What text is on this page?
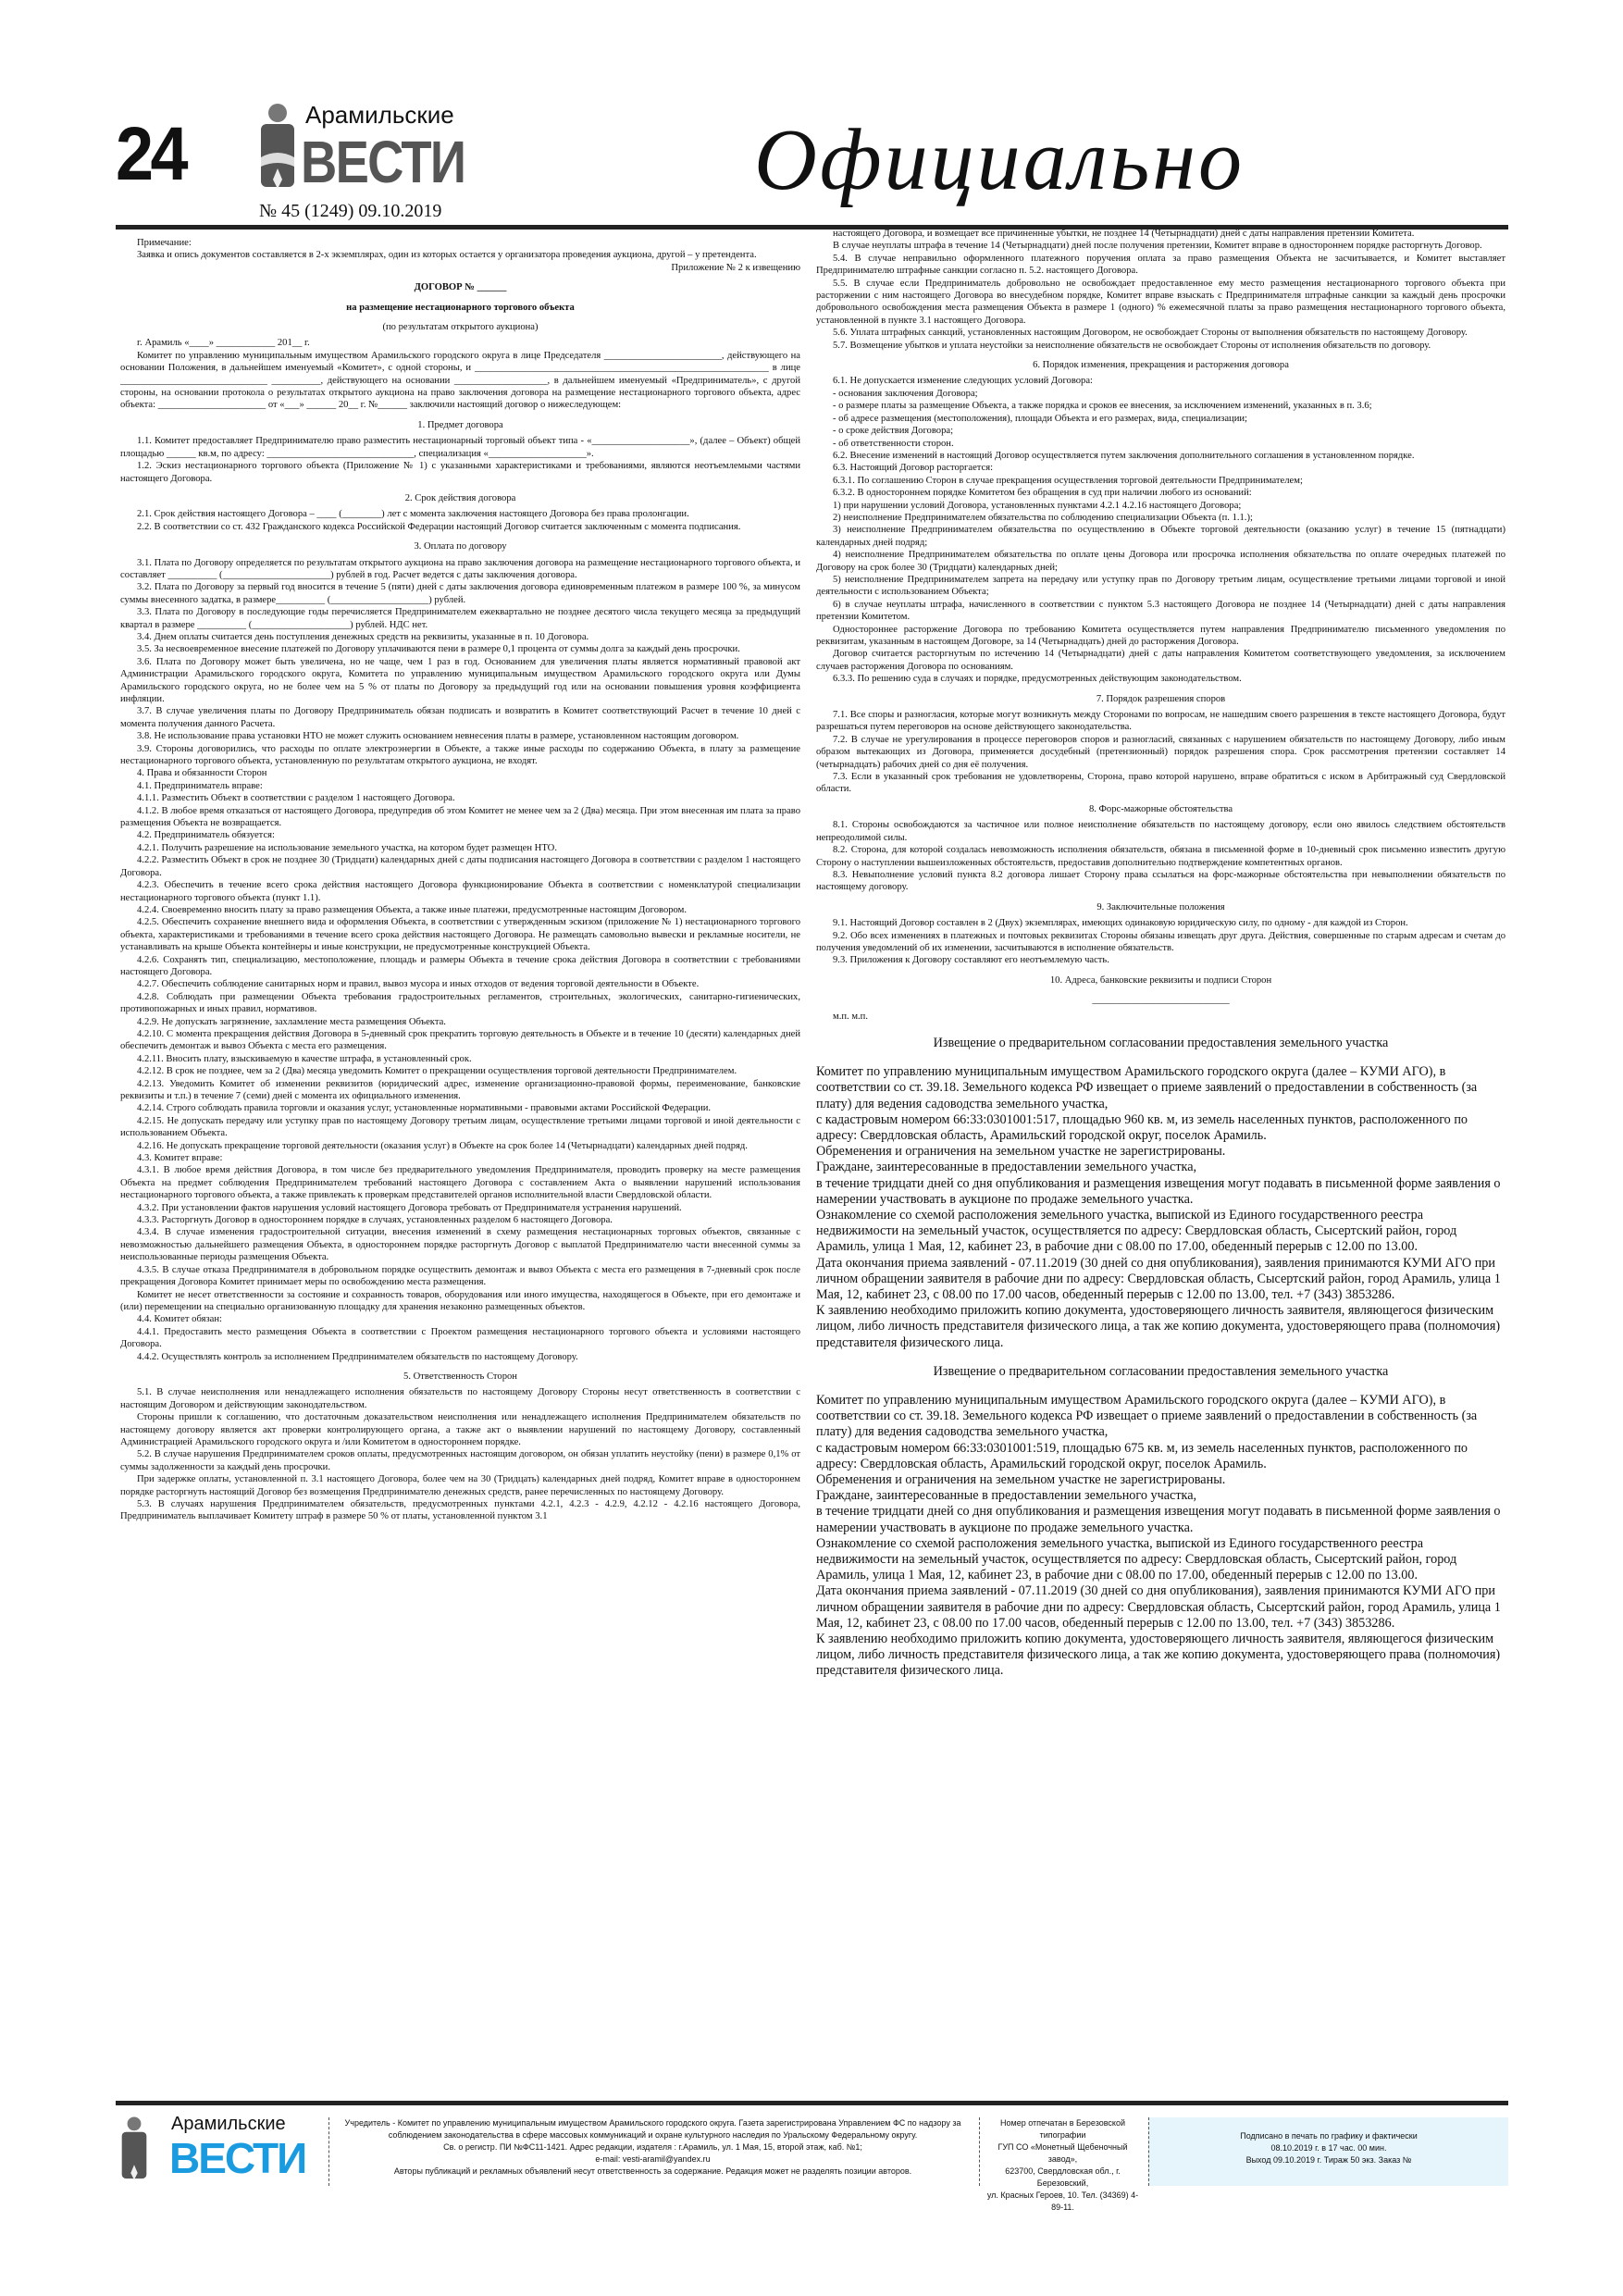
24	Арамильские
ВЕСТИ
№ 45 (1249) 09.10.2019
Официально

Примечание:

Заявка и опись документов составляется в 2-х экземплярах, один из которых остается у организатора проведения аукциона, другой – у претендента.

Приложение № 2 к извещению

ДОГОВОР № ______

на размещение нестационарного торгового объекта

(по результатам открытого аукциона)

г. Арамиль «____» ____________ 201__ г.

Комитет по управлению муниципальным имуществом Арамильского городского округа в лице Председателя ________________________, действующего на основании Положения, в дальнейшем именуемый «Комитет», с одной стороны, и ____________________________________________________________ в лице ______________________________ __________, действующего на основании ___________________, в дальнейшем именуемый «Предприниматель», с другой стороны, на основании протокола о результатах открытого аукциона на право заключения договора на размещение нестационарного торгового объекта, адрес объекта: ______________________ от «___» ______ 20__ г. №______ заключили настоящий договор о нижеследующем:

1. Предмет договора

1.1. Комитет предоставляет Предпринимателю право разместить нестационарный торговый объект типа - «____________________», (далее – Объект) общей площадью ______ кв.м, по адресу: ______________________________, специализация «____________________».

1.2. Эскиз нестационарного торгового объекта (Приложение № 1) с указанными характеристиками и требованиями, являются неотъемлемыми частями настоящего Договора.

2. Срок действия договора

2.1. Срок действия настоящего Договора – ____ (________) лет с момента заключения настоящего Договора без права пролонгации.

2.2. В соответствии со ст. 432 Гражданского кодекса Российской Федерации настоящий Договор считается заключенным с момента подписания.

3. Оплата по договору

3.1. Плата по Договору определяется по результатам открытого аукциона на право заключения договора на размещение нестационарного торгового объекта, и составляет __________ (______________________) рублей в год. Расчет ведется с даты заключения договора.

3.2. Плата по Договору за первый год вносится в течение 5 (пяти) дней с даты заключения договора единовременным платежом в размере 100 %, за минусом суммы внесенного задатка, в размере__________ (____________________) рублей.

3.3. Плата по Договору в последующие годы перечисляется Предпринимателем ежеквартально не позднее десятого числа текущего месяца за предыдущий квартал в размере __________ (____________________) рублей. НДС нет.

3.4. Днем оплаты считается день поступления денежных средств на реквизиты, указанные в п. 10 Договора.

3.5. За несвоевременное внесение платежей по Договору уплачиваются пени в размере 0,1 процента от суммы долга за каждый день просрочки.

3.6. Плата по Договору может быть увеличена, но не чаще, чем 1 раз в год. Основанием для увеличения платы является нормативный правовой акт Администрации Арамильского городского округа, Комитета по управлению муниципальным имуществом Арамильского городского округа или Думы Арамильского городского округа, но не более чем на 5 % от платы по Договору за предыдущий год или на основании повышения уровня коэффициента инфляции.

3.7. В случае увеличения платы по Договору Предприниматель обязан подписать и возвратить в Комитет соответствующий Расчет в течение 10 дней с момента получения данного Расчета.

3.8. Не использование права установки НТО не может служить основанием невнесения платы в размере, установленном настоящим договором.

3.9. Стороны договорились, что расходы по оплате электроэнергии в Объекте, а также иные расходы по содержанию Объекта, в плату за размещение нестационарного торгового объекта, установленную по результатам открытого аукциона, не входят.

4. Права и обязанности Сторон

4.1. Предприниматель вправе:

4.1.1. Разместить Объект в соответствии с разделом 1 настоящего Договора.

4.1.2. В любое время отказаться от настоящего Договора, предупредив об этом Комитет не менее чем за 2 (Два) месяца. При этом внесенная им плата за право размещения Объекта не возвращается.

4.2. Предприниматель обязуется:

4.2.1. Получить разрешение на использование земельного участка, на котором будет размещен НТО.

4.2.2. Разместить Объект в срок не позднее 30 (Тридцати) календарных дней с даты подписания настоящего Договора в соответствии с разделом 1 настоящего Договора.

4.2.3. Обеспечить в течение всего срока действия настоящего Договора функционирование Объекта в соответствии с номенклатурой специализации нестационарного торгового объекта (пункт 1.1).

4.2.4. Своевременно вносить плату за право размещения Объекта, а также иные платежи, предусмотренные настоящим Договором.

4.2.5. Обеспечить сохранение внешнего вида и оформления Объекта, в соответствии с утвержденным эскизом (приложение № 1) нестационарного торгового объекта, характеристиками и требованиями в течение всего срока действия настоящего Договора. Не размещать самовольно вывески и рекламные носители, не устанавливать на крыше Объекта контейнеры и иные конструкции, не предусмотренные конструкцией Объекта.

4.2.6. Сохранять тип, специализацию, местоположение, площадь и размеры Объекта в течение срока действия Договора в соответствии с требованиями настоящего Договора.

4.2.7. Обеспечить соблюдение санитарных норм и правил, вывоз мусора и иных отходов от ведения торговой деятельности в Объекте.

4.2.8. Соблюдать при размещении Объекта требования градостроительных регламентов, строительных, экологических, санитарно-гигиенических, противопожарных и иных правил, нормативов.

4.2.9. Не допускать загрязнение, захламление места размещения Объекта.

4.2.10. С момента прекращения действия Договора в 5-дневный срок прекратить торговую деятельность в Объекте и в течение 10 (десяти) календарных дней обеспечить демонтаж и вывоз Объекта с места его размещения.

4.2.11. Вносить плату, взыскиваемую в качестве штрафа, в установленный срок.

4.2.12. В срок не позднее, чем за 2 (Два) месяца уведомить Комитет о прекращении осуществления торговой деятельности Предпринимателем.

4.2.13. Уведомить Комитет об изменении реквизитов (юридический адрес, изменение организационно-правовой формы, переименование, банковские реквизиты и т.п.) в течение 7 (семи) дней с момента их официального изменения.

4.2.14. Строго соблюдать правила торговли и оказания услуг, установленные нормативными - правовыми актами Российской Федерации.

4.2.15. Не допускать передачу или уступку прав по настоящему Договору третьим лицам, осуществление третьими лицами торговой и иной деятельности с использованием Объекта.

4.2.16. Не допускать прекращение торговой деятельности (оказания услуг) в Объекте на срок более 14 (Четырнадцати) календарных дней подряд.

4.3. Комитет вправе:

4.3.1. В любое время действия Договора, в том числе без предварительного уведомления Предпринимателя, проводить проверку на месте размещения Объекта на предмет соблюдения Предпринимателем требований настоящего Договора с составлением Акта о выявлении нарушений использования нестационарного торгового объекта, а также привлекать к проверкам представителей органов исполнительной власти Свердловской области.

4.3.2. При установлении фактов нарушения условий настоящего Договора требовать от Предпринимателя устранения нарушений.

4.3.3. Расторгнуть Договор в одностороннем порядке в случаях, установленных разделом 6 настоящего Договора.

4.3.4. В случае изменения градостроительной ситуации, внесения изменений в схему размещения нестационарных торговых объектов, связанные с невозможностью дальнейшего размещения Объекта, в одностороннем порядке расторгнуть Договор с выплатой Предпринимателю части внесенной суммы за неиспользованные периоды размещения Объекта.

4.3.5. В случае отказа Предпринимателя в добровольном порядке осуществить демонтаж и вывоз Объекта с места его размещения в 7-дневный срок после прекращения Договора Комитет принимает меры по освобождению места размещения.

Комитет не несет ответственности за состояние и сохранность товаров, оборудования или иного имущества, находящегося в Объекте, при его демонтаже и (или) перемещении на специально организованную площадку для хранения незаконно размещенных объектов.

4.4. Комитет обязан:

4.4.1. Предоставить место размещения Объекта в соответствии с Проектом размещения нестационарного торгового объекта и условиями настоящего Договора.

4.4.2. Осуществлять контроль за исполнением Предпринимателем обязательств по настоящему Договору.

5. Ответственность Сторон

5.1. В случае неисполнения или ненадлежащего исполнения обязательств по настоящему Договору Стороны несут ответственность в соответствии с настоящим Договором и действующим законодательством.

Стороны пришли к соглашению, что достаточным доказательством неисполнения или ненадлежащего исполнения Предпринимателем обязательств по настоящему договору является акт проверки контролирующего органа, а также акт о выявлении нарушений по настоящему Договору, составленный Администрацией Арамильского городского округа и /или Комитетом в одностороннем порядке.

5.2. В случае нарушения Предпринимателем сроков оплаты, предусмотренных настоящим договором, он обязан уплатить неустойку (пени) в размере 0,1% от суммы задолженности за каждый день просрочки.

При задержке оплаты, установленной п. 3.1 настоящего Договора, более чем на 30 (Тридцать) календарных дней подряд, Комитет вправе в одностороннем порядке расторгнуть настоящий Договор без возмещения Предпринимателю денежных средств, ранее перечисленных по настоящему Договору.

5.3. В случаях нарушения Предпринимателем обязательств, предусмотренных пунктами 4.2.1, 4.2.3 - 4.2.9, 4.2.12 - 4.2.16 настоящего Договора, Предприниматель выплачивает Комитету штраф в размере 50 % от платы, установленной пунктом 3.1

настоящего Договора, и возмещает все причиненные убытки, не позднее 14 (Четырнадцати) дней с даты направления претензии Комитета.

В случае неуплаты штрафа в течение 14 (Четырнадцати) дней после получения претензии, Комитет вправе в одностороннем порядке расторгнуть Договор.

5.4. В случае неправильно оформленного платежного поручения оплата за право размещения Объекта не засчитывается, и Комитет выставляет Предпринимателю штрафные санкции согласно п. 5.2. настоящего Договора.

5.5. В случае если Предприниматель добровольно не освобождает предоставленное ему место размещения нестационарного торгового объекта при расторжении с ним настоящего Договора во внесудебном порядке, Комитет вправе взыскать с Предпринимателя штрафные санкции за каждый день просрочки добровольного освобождения места размещения Объекта в размере 1 (одного) % ежемесячной платы за право размещения нестационарного торгового объекта, установленной в пункте 3.1 настоящего Договора.

5.6. Уплата штрафных санкций, установленных настоящим Договором, не освобождает Стороны от выполнения обязательств по настоящему Договору.

5.7. Возмещение убытков и уплата неустойки за неисполнение обязательств не освобождает Стороны от исполнения обязательств по договору.

6. Порядок изменения, прекращения и расторжения договора

6.1. Не допускается изменение следующих условий Договора:

- основания заключения Договора;

- о размере платы за размещение Объекта, а также порядка и сроков ее внесения, за исключением изменений, указанных в п. 3.6;

- об адресе размещения (местоположения), площади Объекта и его размерах, вида, специализации;

- о сроке действия Договора;

- об ответственности сторон.

6.2. Внесение изменений в настоящий Договор осуществляется путем заключения дополнительного соглашения в установленном порядке.

6.3. Настоящий Договор расторгается:

6.3.1. По соглашению Сторон в случае прекращения осуществления торговой деятельности Предпринимателем;

6.3.2. В одностороннем порядке Комитетом без обращения в суд при наличии любого из оснований:

1) при нарушении условий Договора, установленных пунктами 4.2.1 4.2.16 настоящего Договора;

2) неисполнение Предпринимателем обязательства по соблюдению специализации Объекта (п. 1.1.);

3) неисполнение Предпринимателем обязательства по осуществлению в Объекте торговой деятельности (оказанию услуг) в течение 15 (пятнадцати) календарных дней подряд;

4) неисполнение Предпринимателем обязательства по оплате цены Договора или просрочка исполнения обязательства по оплате очередных платежей по Договору на срок более 30 (Тридцати) календарных дней;

5) неисполнение Предпринимателем запрета на передачу или уступку прав по Договору третьим лицам, осуществление третьими лицами торговой и иной деятельности с использованием Объекта;

6) в случае неуплаты штрафа, начисленного в соответствии с пунктом 5.3 настоящего Договора не позднее 14 (Четырнадцати) дней с даты направления претензии Комитетом.

Одностороннее расторжение Договора по требованию Комитета осуществляется путем направления Предпринимателю письменного уведомления по реквизитам, указанным в настоящем Договоре, за 14 (Четырнадцать) дней до расторжения Договора.

Договор считается расторгнутым по истечению 14 (Четырнадцати) дней с даты направления Комитетом соответствующего уведомления, за исключением случаев расторжения Договора по основаниям.

6.3.3. По решению суда в случаях и порядке, предусмотренных действующим законодательством.

7. Порядок разрешения споров

7.1. Все споры и разногласия, которые могут возникнуть между Сторонами по вопросам, не нашедшим своего разрешения в тексте настоящего Договора, будут разрешаться путем переговоров на основе действующего законодательства.

7.2. В случае не урегулирования в процессе переговоров споров и разногласий, связанных с нарушением обязательств по настоящему Договору, либо иным образом вытекающих из Договора, применяется досудебный (претензионный) порядок разрешения спора. Срок рассмотрения претензии составляет 14 (четырнадцать) рабочих дней со дня её получения.

7.3. Если в указанный срок требования не удовлетворены, Сторона, право которой нарушено, вправе обратиться с иском в Арбитражный суд Свердловской области.

8. Форс-мажорные обстоятельства

8.1. Стороны освобождаются за частичное или полное неисполнение обязательств по настоящему договору, если оно явилось следствием обстоятельств непреодолимой силы.

8.2. Сторона, для которой создалась невозможность исполнения обязательств, обязана в письменной форме в 10-дневный срок письменно известить другую Сторону о наступлении вышеизложенных обстоятельств, предоставив дополнительно подтверждение компетентных органов.

8.3. Невыполнение условий пункта 8.2 договора лишает Сторону права ссылаться на форс-мажорные обстоятельства при невыполнении обязательств по настоящему договору.

9. Заключительные положения

9.1. Настоящий Договор составлен в 2 (Двух) экземплярах, имеющих одинаковую юридическую силу, по одному - для каждой из Сторон.

9.2. Обо всех изменениях в платежных и почтовых реквизитах Стороны обязаны извещать друг друга. Действия, совершенные по старым адресам и счетам до получения уведомлений об их изменении, засчитываются в исполнение обязательств.

9.3. Приложения к Договору составляют его неотъемлемую часть.

10. Адреса, банковские реквизиты и подписи Сторон

____________________________

м.п. м.п.

Извещение о предварительном согласовании предоставления земельного участка

Комитет по управлению муниципальным имуществом Арамильского городского округа (далее – КУМИ АГО), в соответствии со ст. 39.18. Земельного кодекса РФ извещает о приеме заявлений о предоставлении в собственность (за плату) для ведения садоводства земельного участка,

с кадастровым номером 66:33:0301001:517, площадью 960 кв. м, из земель населенных пунктов, расположенного по адресу: Свердловская область, Арамильский городской округ, поселок Арамиль.

Обременения и ограничения на земельном участке не зарегистрированы.

Граждане, заинтересованные в предоставлении земельного участка,

в течение тридцати дней со дня опубликования и размещения извещения могут подавать в письменной форме заявления о намерении участвовать в аукционе по продаже земельного участка.

Ознакомление со схемой расположения земельного участка, выпиской из Единого государственного реестра недвижимости на земельный участок, осуществляется по адресу: Свердловская область, Сысертский район, город Арамиль, улица 1 Мая, 12, кабинет 23, в рабочие дни с 08.00 по 17.00, обеденный перерыв с 12.00 по 13.00.

Дата окончания приема заявлений - 07.11.2019 (30 дней со дня опубликования), заявления принимаются КУМИ АГО при личном обращении заявителя в рабочие дни по адресу: Свердловская область, Сысертский район, город Арамиль, улица 1 Мая, 12, кабинет 23, с 08.00 по 17.00 часов, обеденный перерыв с 12.00 по 13.00, тел. +7 (343) 3853286.

К заявлению необходимо приложить копию документа, удостоверяющего личность заявителя, являющегося физическим лицом, либо личность представителя физического лица, а так же копию документа, удостоверяющего права (полномочия) представителя физического лица.

Извещение о предварительном согласовании предоставления земельного участка

Комитет по управлению муниципальным имуществом Арамильского городского округа (далее – КУМИ АГО), в соответствии со ст. 39.18. Земельного кодекса РФ извещает о приеме заявлений о предоставлении в собственность (за плату) для ведения садоводства земельного участка,

с кадастровым номером 66:33:0301001:519, площадью 675 кв. м, из земель населенных пунктов, расположенного по адресу: Свердловская область, Арамильский городской округ, поселок Арамиль.

Обременения и ограничения на земельном участке не зарегистрированы.

Граждане, заинтересованные в предоставлении земельного участка,

в течение тридцати дней со дня опубликования и размещения извещения могут подавать в письменной форме заявления о намерении участвовать в аукционе по продаже земельного участка.

Ознакомление со схемой расположения земельного участка, выпиской из Единого государственного реестра недвижимости на земельный участок, осуществляется по адресу: Свердловская область, Сысертский район, город Арамиль, улица 1 Мая, 12, кабинет 23, в рабочие дни с 08.00 по 17.00, обеденный перерыв с 12.00 по 13.00.

Дата окончания приема заявлений - 07.11.2019 (30 дней со дня опубликования), заявления принимаются КУМИ АГО при личном обращении заявителя в рабочие дни по адресу: Свердловская область, Сысертский район, город Арамиль, улица 1 Мая, 12, кабинет 23, с 08.00 по 17.00 часов, обеденный перерыв с 12.00 по 13.00, тел. +7 (343) 3853286.

К заявлению необходимо приложить копию документа, удостоверяющего личность заявителя, являющегося физическим лицом, либо личность представителя физического лица, а так же копию документа, удостоверяющего права (полномочия) представителя физического лица.

Арамильские
ВЕСТИ
Учредитель - Комитет по управлению муниципальным имуществом Арамильского городского округа. Газета зарегистрирована Управлением ФС по надзору за соблюдением законодательства в сфере массовых коммуникаций и охране культурного наследия по Уральскому Федеральному округу.
Св. о регистр. ПИ №ФС11-1421. Адрес редакции, издателя : г.Арамиль, ул. 1 Мая, 15, второй этаж, каб. №1;
e-mail: vesti-aramil@yandex.ru
Авторы публикаций и рекламных объявлений несут ответственность за содержание. Редакция может не разделять позиции авторов.
Номер отпечатан в Березовской типографии
ГУП СО «Монетный Щебеночный завод»,
623700, Свердловская обл., г. Березовский,
ул. Красных Героев, 10. Тел. (34369) 4-89-11.
Подписано в печать по графику и фактически
08.10.2019 г. в 17 час. 00 мин.
Выход 09.10.2019 г. Тираж 50 экз. Заказ №
